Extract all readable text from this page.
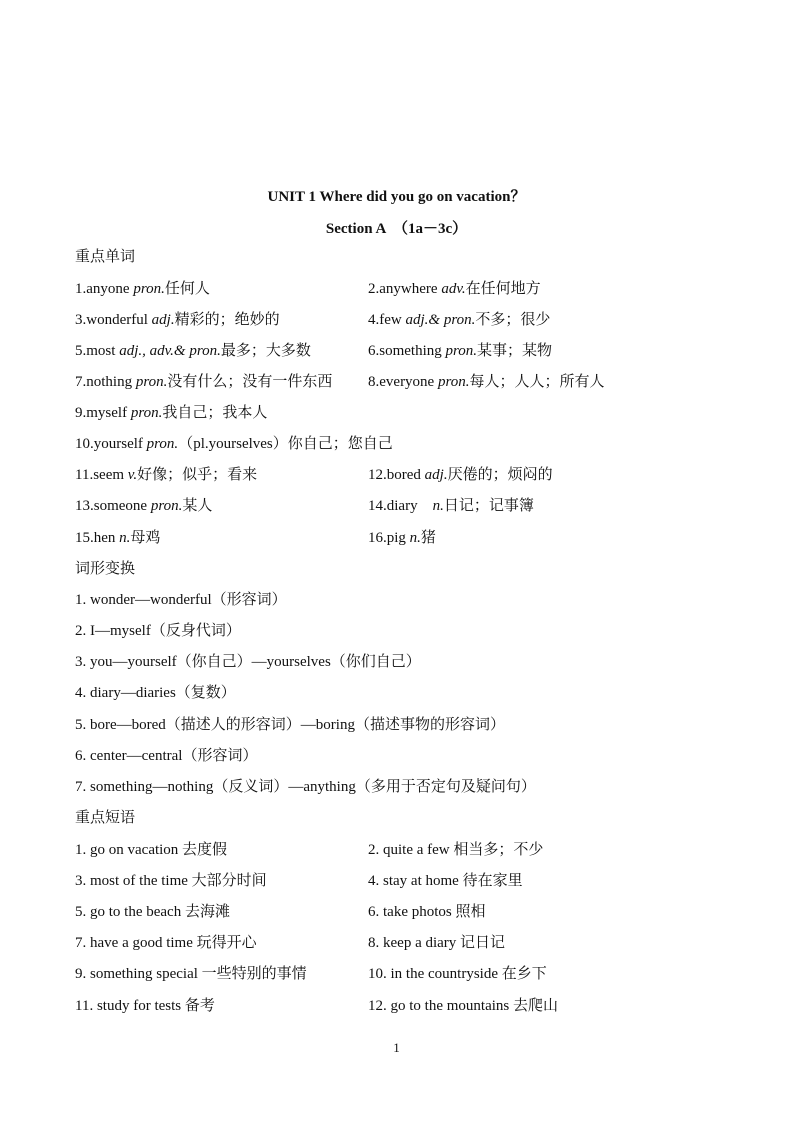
UNIT 1 Where did you go on vacation？
Section A　（1a－3c）
重点单词
1.anyone pron.任何人	2.anywhere adv.在任何地方
3.wonderful adj.精彩的；绝妙的	4.few adj.& pron.不多；很少
5.most adj., adv.& pron.最多；大多数	6.something pron.某事；某物
7.nothing pron.没有什么；没有一件东西 8.everyone pron.每人；人人；所有人
9.myself pron.我自己；我本人
10.yourself pron.（pl.yourselves）你自己；您自己
11.seem v.好像；似乎；看来	12.bored adj.厌倦的；烦闷的
13.someone pron.某人	14.diary　n.日记；记事簿
15.hen n.母鸡	16.pig n.猪
词形变换
1. wonder—wonderful（形容词）
2. I—myself（反身代词）
3. you—yourself（你自己）—yourselves（你们自己）
4. diary—diaries（复数）
5. bore—bored（描述人的形容词）—boring（描述事物的形容词）
6. center—central（形容词）
7. something—nothing（反义词）—anything（多用于否定句及疑问句）
重点短语
1. go on vacation 去度假	2. quite a few 相当多；不少
3. most of the time 大部分时间	4. stay at home 待在家里
5. go to the beach 去海滩	6. take photos 照相
7. have a good time 玩得开心	8. keep a diary 记日记
9. something special 一些特别的事情	10. in the countryside 在乡下
11. study for tests 备考	12. go to the mountains 去爬山
1
